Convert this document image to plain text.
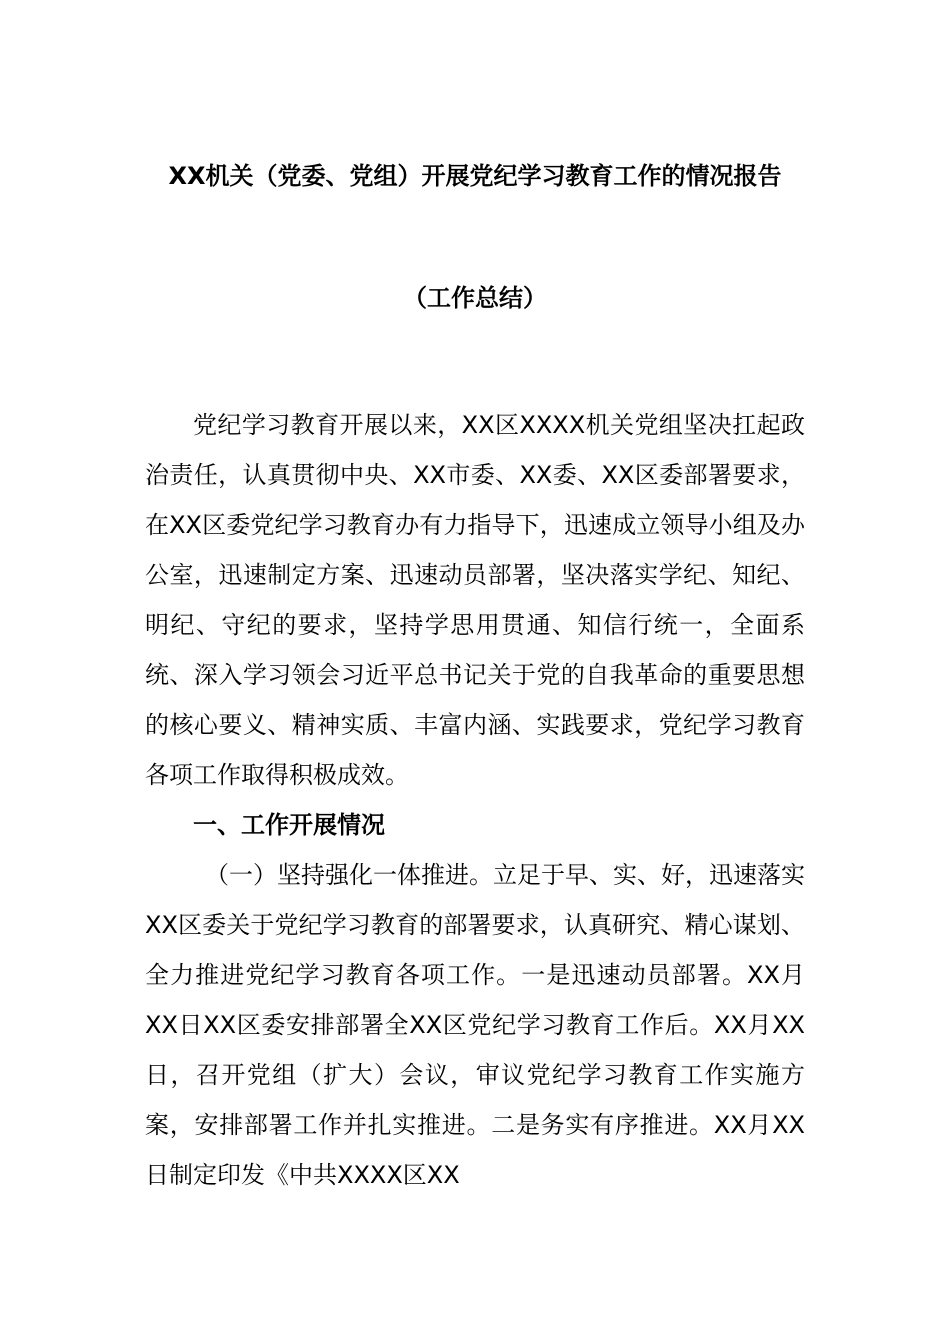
XX机关（党委、党组）开展党纪学习教育工作的情况报告
（工作总结）

党纪学习教育开展以来，XX区XXXX机关党组坚决扛起政治责任，认真贯彻中央、XX市委、XX委、XX区委部署要求，在XX区委党纪学习教育办有力指导下，迅速成立领导小组及办公室，迅速制定方案、迅速动员部署，坚决落实学纪、知纪、明纪、守纪的要求，坚持学思用贯通、知信行统一，全面系统、深入学习领会习近平总书记关于党的自我革命的重要思想的核心要义、精神实质、丰富内涵、实践要求，党纪学习教育各项工作取得积极成效。

一、工作开展情况

（一）坚持强化一体推进。立足于早、实、好，迅速落实XX区委关于党纪学习教育的部署要求，认真研究、精心谋划、全力推进党纪学习教育各项工作。一是迅速动员部署。XX月XX日XX区委安排部署全XX区党纪学习教育工作后。XX月XX日，召开党组（扩大）会议，审议党纪学习教育工作实施方案，安排部署工作并扎实推进。二是务实有序推进。XX月XX日制定印发《中共XXXX区XX
